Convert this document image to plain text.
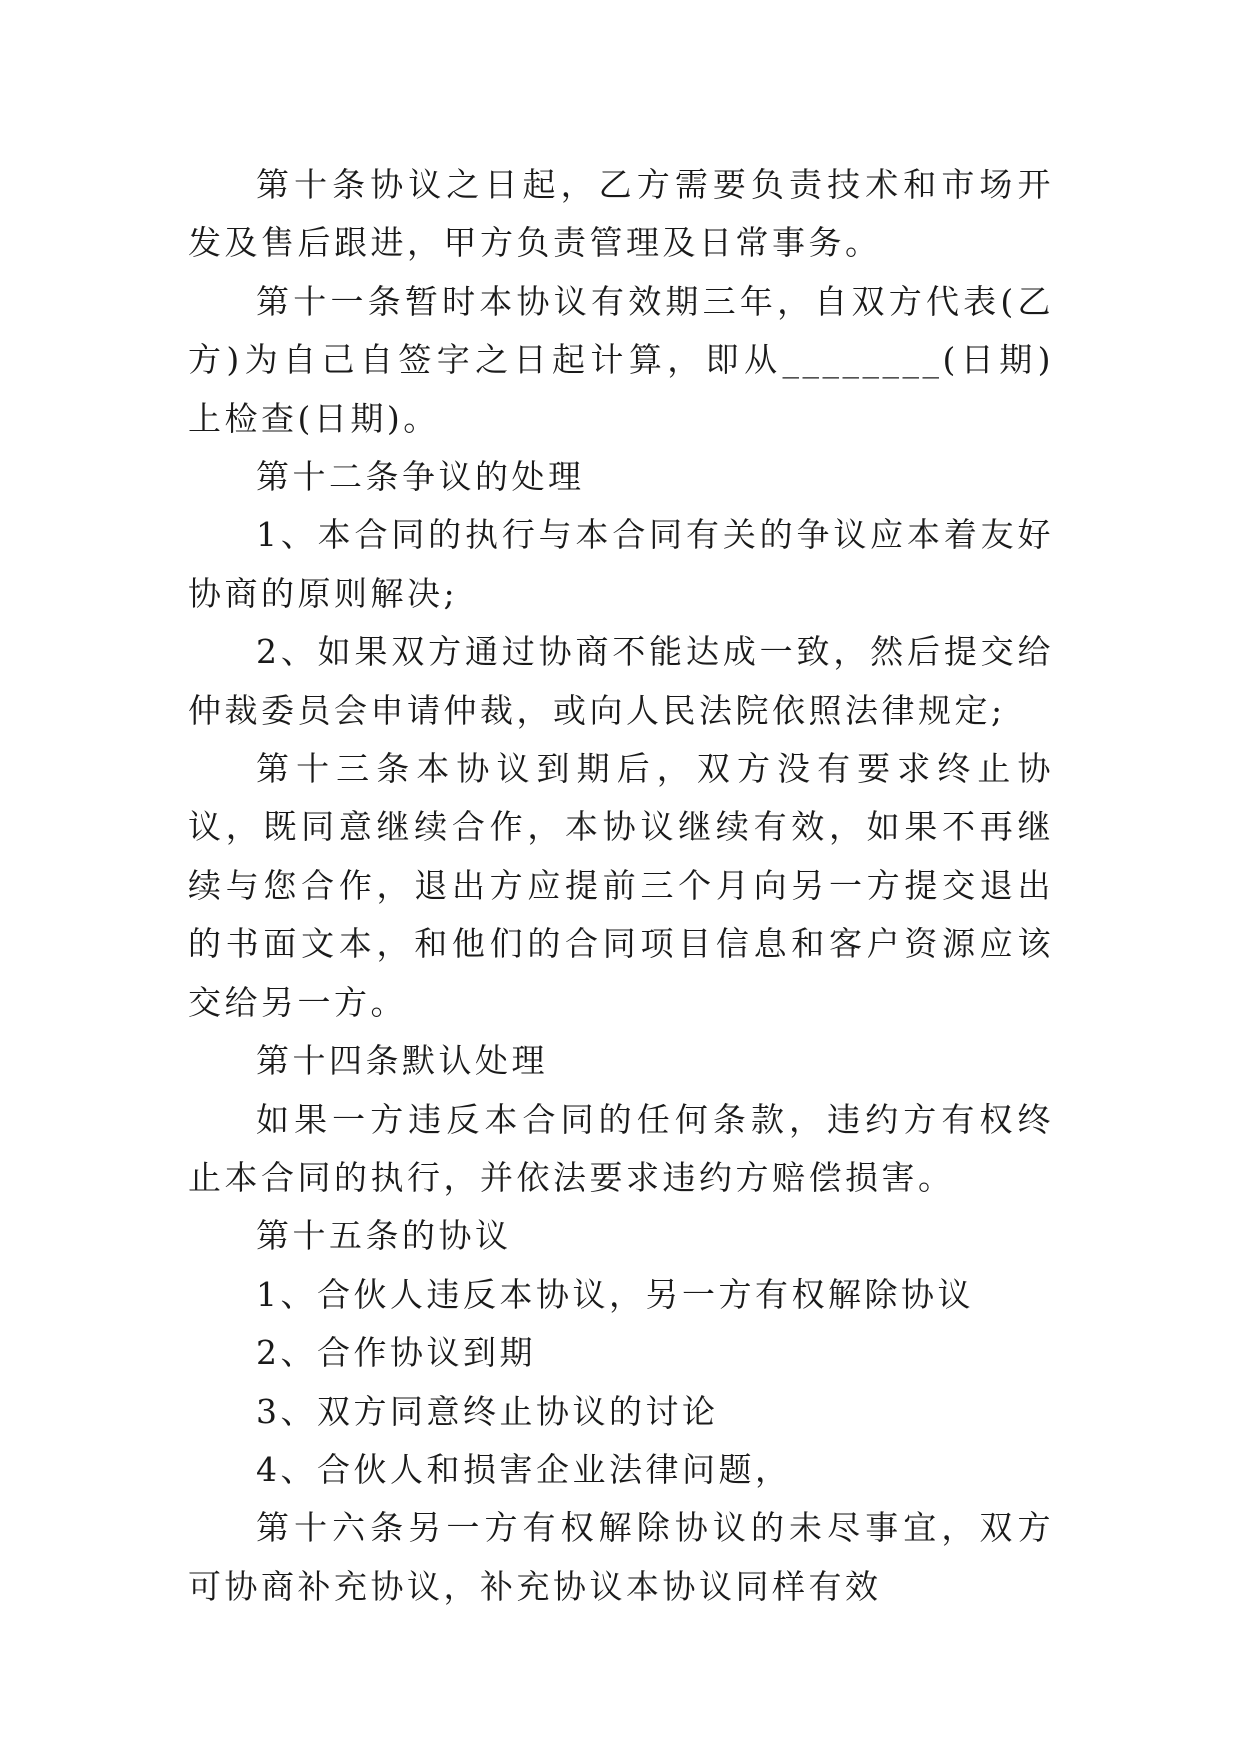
第十条协议之日起，乙方需要负责技术和市场开发及售后跟进，甲方负责管理及日常事务。

第十一条暂时本协议有效期三年，自双方代表(乙方)为自己自签字之日起计算，即从________(日期)上检查(日期)。

第十二条争议的处理

1、本合同的执行与本合同有关的争议应本着友好协商的原则解决;

2、如果双方通过协商不能达成一致，然后提交给仲裁委员会申请仲裁，或向人民法院依照法律规定;

第十三条本协议到期后，双方没有要求终止协议，既同意继续合作，本协议继续有效，如果不再继续与您合作，退出方应提前三个月向另一方提交退出的书面文本，和他们的合同项目信息和客户资源应该交给另一方。

第十四条默认处理

如果一方违反本合同的任何条款，违约方有权终止本合同的执行，并依法要求违约方赔偿损害。

第十五条的协议

1、合伙人违反本协议，另一方有权解除协议

2、合作协议到期

3、双方同意终止协议的讨论

4、合伙人和损害企业法律问题，

第十六条另一方有权解除协议的未尽事宜，双方可协商补充协议，补充协议本协议同样有效
